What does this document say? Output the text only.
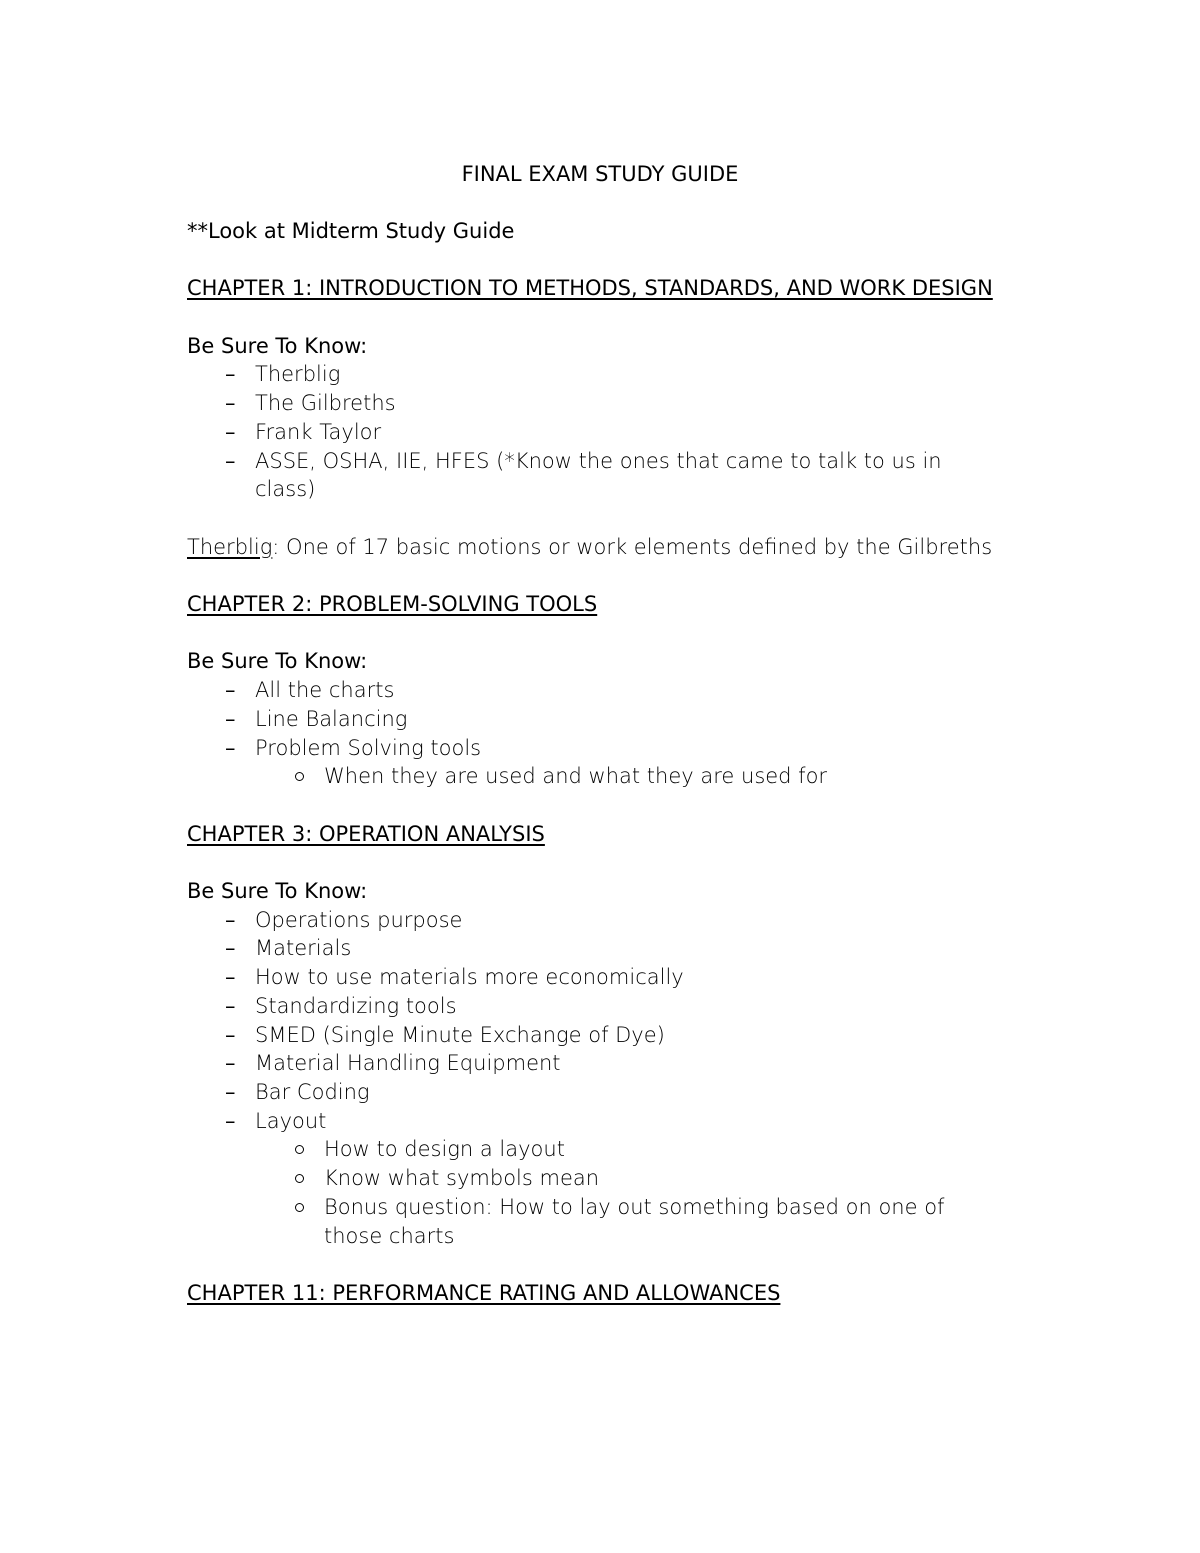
FINAL EXAM STUDY GUIDE

**Look at Midterm Study Guide

CHAPTER 1: INTRODUCTION TO METHODS, STANDARDS, AND WORK DESIGN

Be Sure To Know:

– Therblig
– The Gilbreths
– Frank Taylor
– ASSE, OSHA, IIE, HFES (*Know the ones that came to talk to us in class)

Therblig: One of 17 basic motions or work elements defined by the Gilbreths

CHAPTER 2: PROBLEM-SOLVING TOOLS

Be Sure To Know:

– All the charts
– Line Balancing
– Problem Solving tools
When they are used and what they are used for

CHAPTER 3: OPERATION ANALYSIS

Be Sure To Know:

– Operations purpose
– Materials
– How to use materials more economically
– Standardizing tools
– SMED (Single Minute Exchange of Dye)
– Material Handling Equipment
– Bar Coding
– Layout
How to design a layout
Know what symbols mean
Bonus question: How to lay out something based on one of those charts

CHAPTER 11: PERFORMANCE RATING AND ALLOWANCES
